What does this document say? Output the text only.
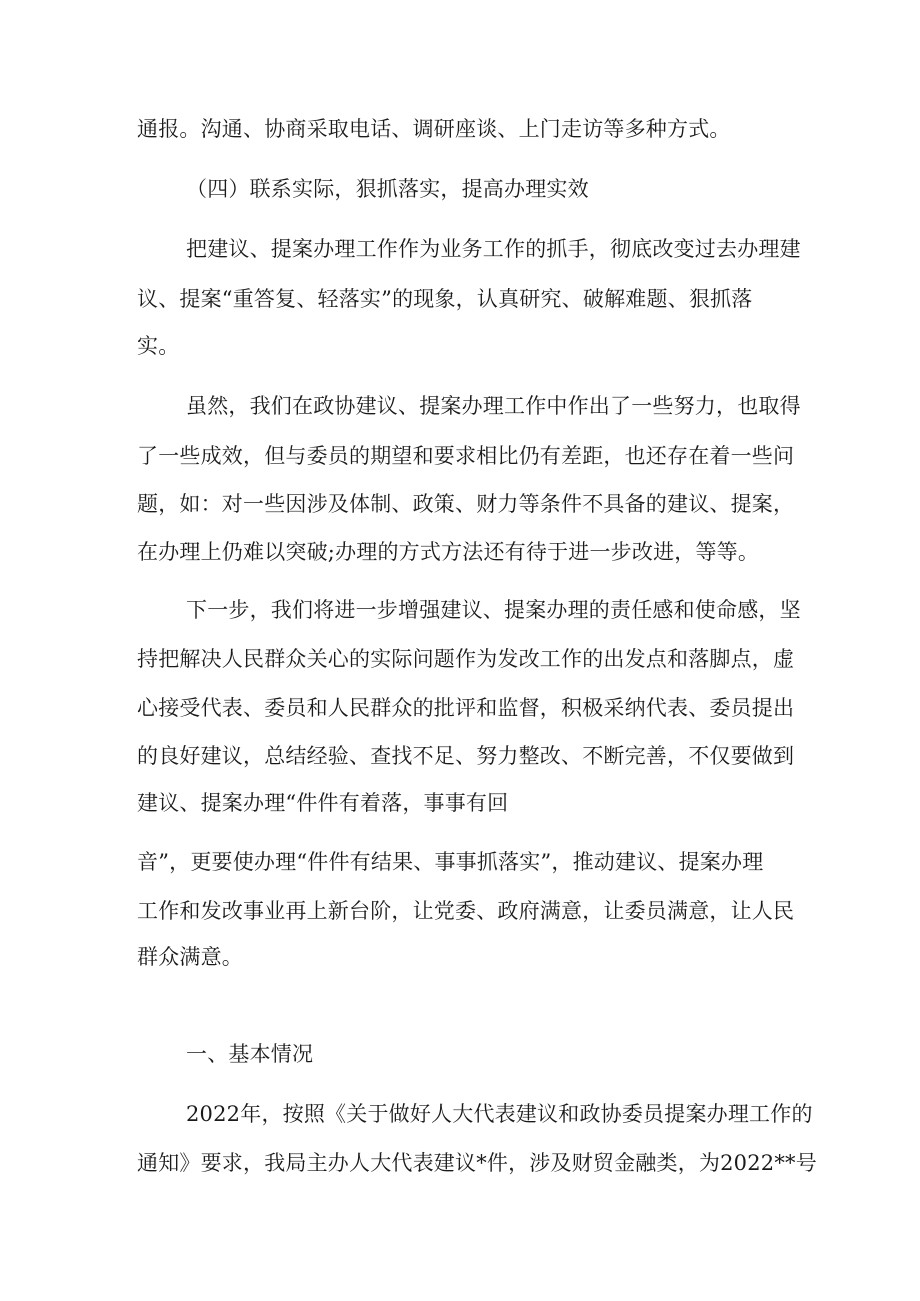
通报。沟通、协商采取电话、调研座谈、上门走访等多种方式。
（四）联系实际，狠抓落实，提高办理实效
把建议、提案办理工作作为业务工作的抓手，彻底改变过去办理建
议、提案“重答复、轻落实”的现象，认真研究、破解难题、狠抓落
实。
虽然，我们在政协建议、提案办理工作中作出了一些努力，也取得
了一些成效，但与委员的期望和要求相比仍有差距，也还存在着一些问
题，如：对一些因涉及体制、政策、财力等条件不具备的建议、提案，
在办理上仍难以突破;办理的方式方法还有待于进一步改进，等等。
下一步，我们将进一步增强建议、提案办理的责任感和使命感，坚
持把解决人民群众关心的实际问题作为发改工作的出发点和落脚点，虚
心接受代表、委员和人民群众的批评和监督，积极采纳代表、委员提出
的良好建议，总结经验、查找不足、努力整改、不断完善，不仅要做到
建议、提案办理“件件有着落，事事有回
音”，更要使办理“件件有结果、事事抓落实”，推动建议、提案办理
工作和发改事业再上新台阶，让党委、政府满意，让委员满意，让人民
群众满意。
一、基本情况
2022年，按照《关于做好人大代表建议和政协委员提案办理工作的
通知》要求，我局主办人大代表建议*件，涉及财贸金融类，为2022**号
